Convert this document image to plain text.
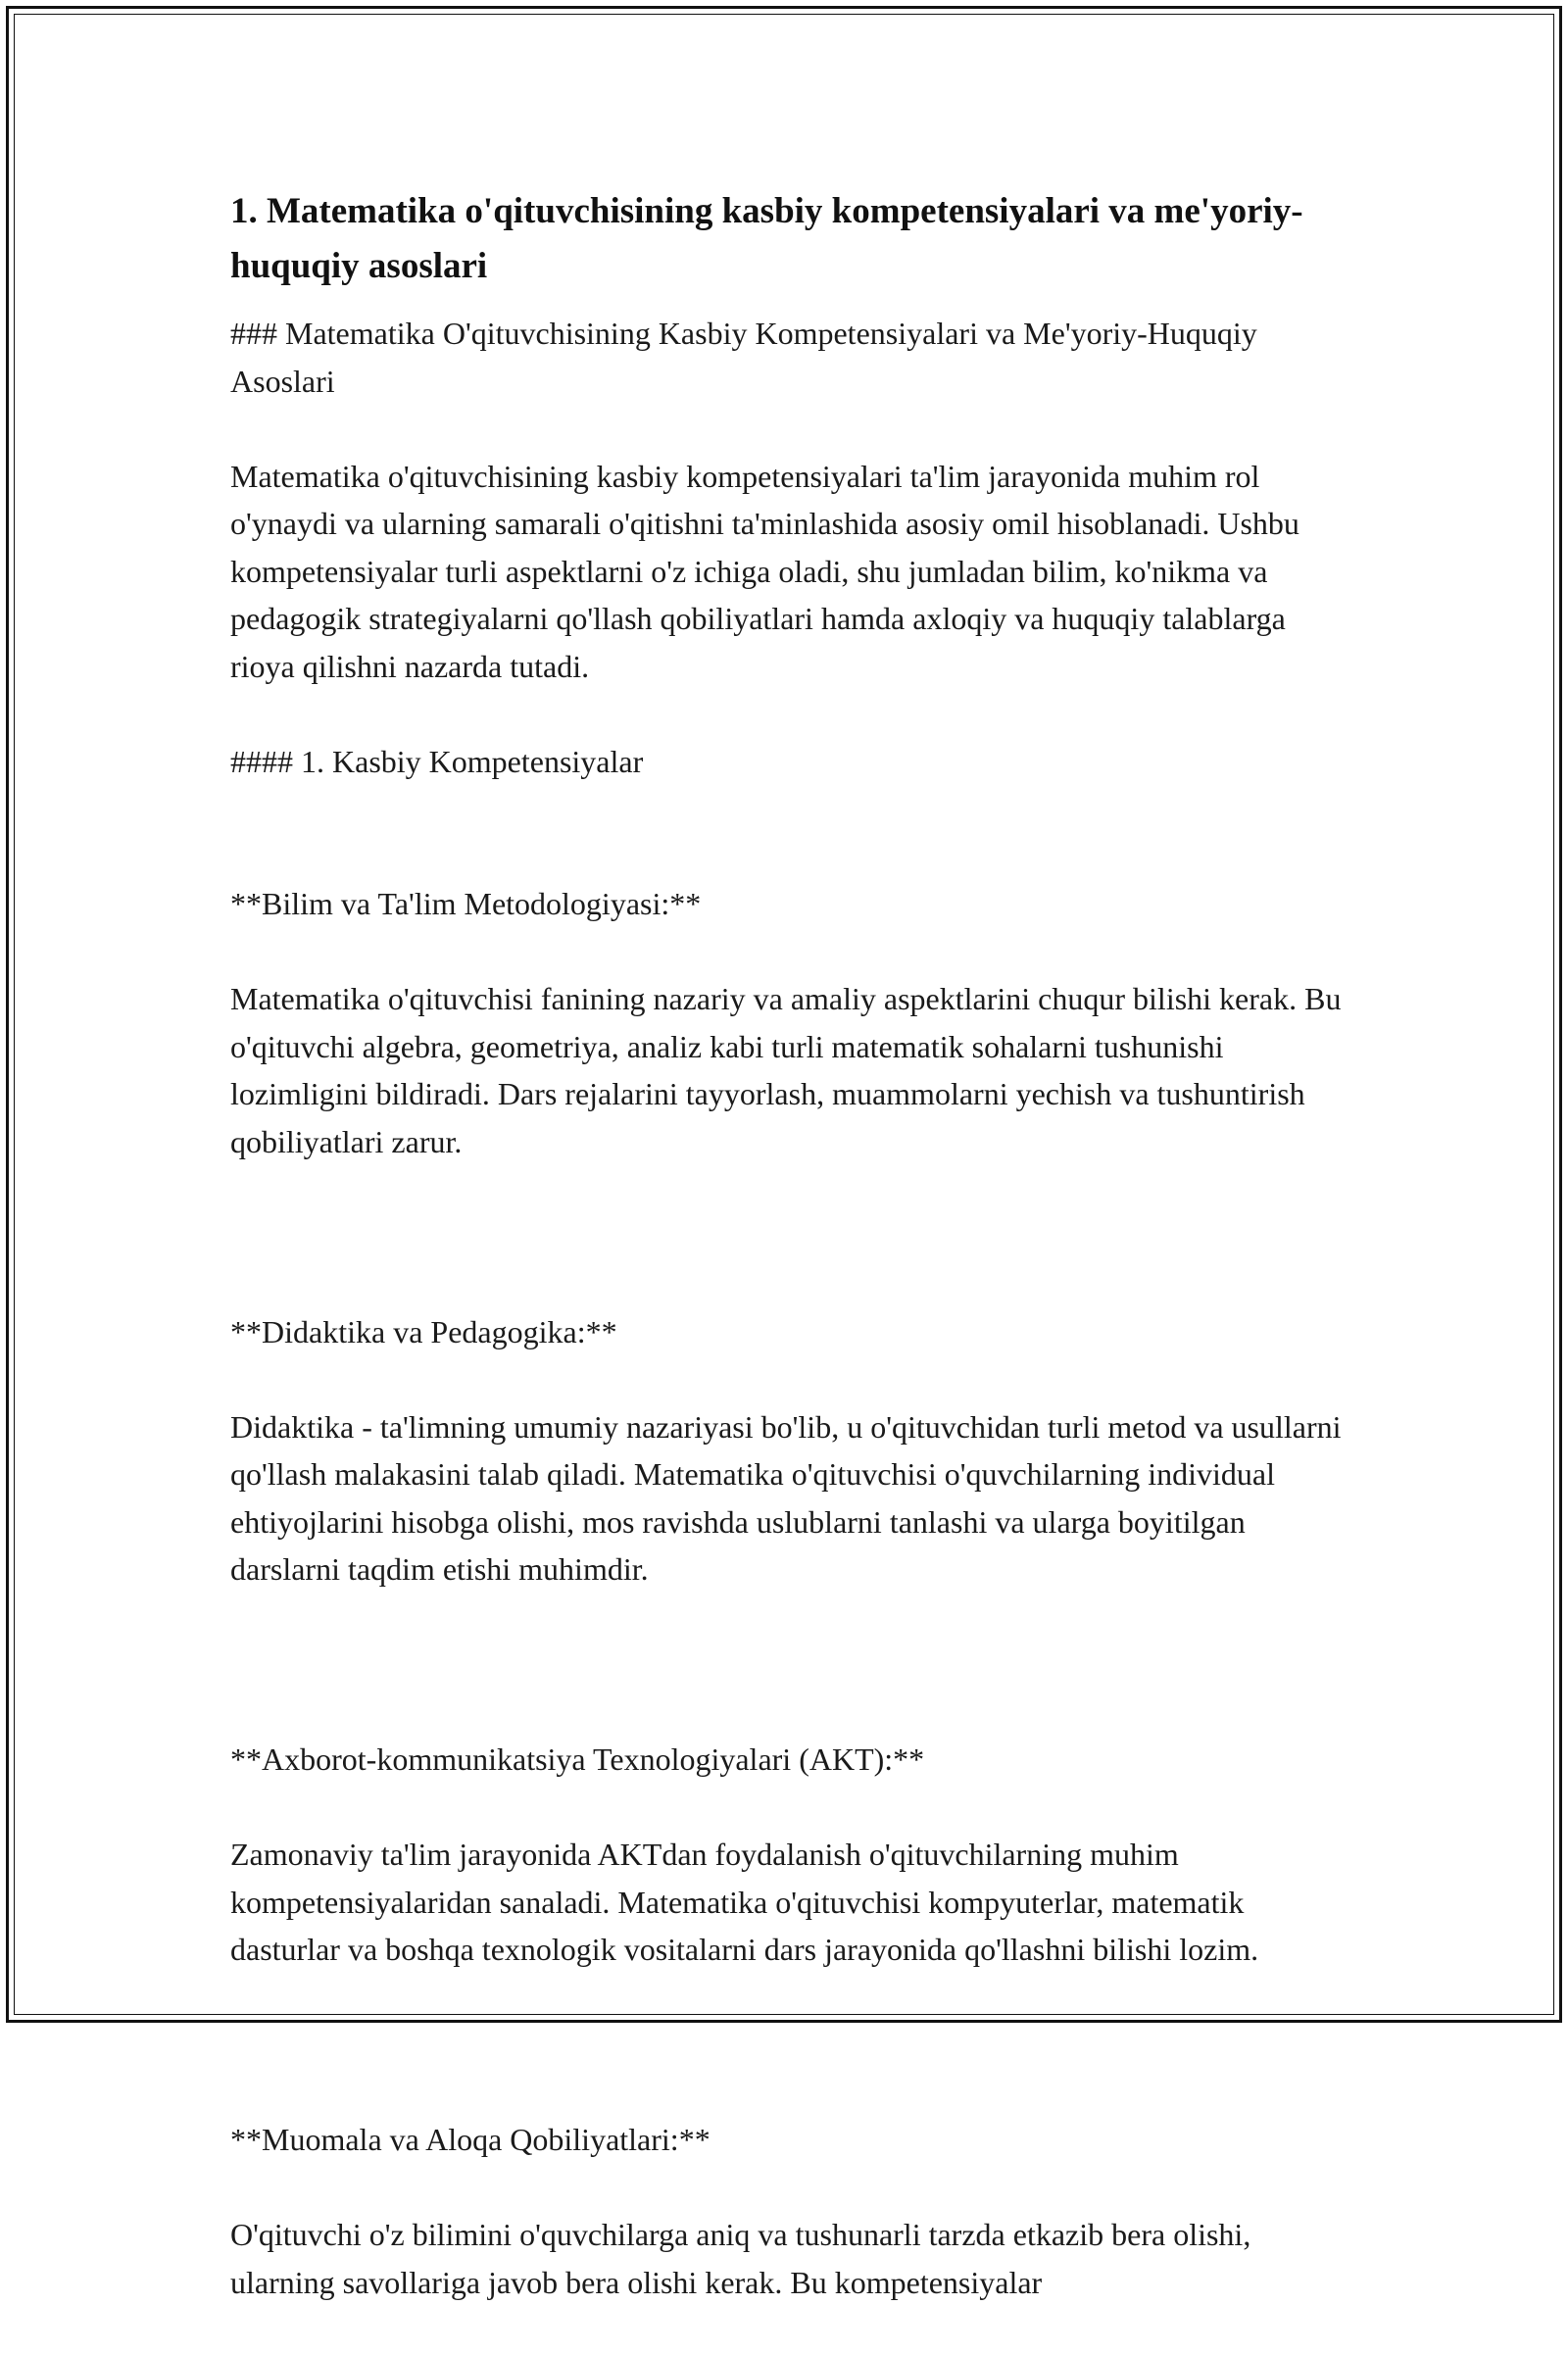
1. Matematika o'qituvchisining kasbiy kompetensiyalari va me'yoriy-huquqiy asoslari

### Matematika O'qituvchisining Kasbiy Kompetensiyalari va Me'yoriy-Huquqiy Asoslari

Matematika o'qituvchisining kasbiy kompetensiyalari ta'lim jarayonida muhim rol o'ynaydi va ularning samarali o'qitishni ta'minlashida asosiy omil hisoblanadi. Ushbu kompetensiyalar turli aspektlarni o'z ichiga oladi, shu jumladan bilim, ko'nikma va pedagogik strategiyalarni qo'llash qobiliyatlari hamda axloqiy va huquqiy talablarga rioya qilishni nazarda tutadi.

#### 1. Kasbiy Kompetensiyalar

**Bilim va Ta'lim Metodologiyasi:**

Matematika o'qituvchisi fanining nazariy va amaliy aspektlarini chuqur bilishi kerak. Bu o'qituvchi algebra, geometriya, analiz kabi turli matematik sohalarni tushunishi lozimligini bildiradi. Dars rejalarini tayyorlash, muammolarni yechish va tushuntirish qobiliyatlari zarur.

**Didaktika va Pedagogika:**

Didaktika - ta'limning umumiy nazariyasi bo'lib, u o'qituvchidan turli metod va usullarni qo'llash malakasini talab qiladi. Matematika o'qituvchisi o'quvchilarning individual ehtiyojlarini hisobga olishi, mos ravishda uslublarni tanlashi va ularga boyitilgan darslarni taqdim etishi muhimdir.

**Axborot-kommunikatsiya Texnologiyalari (AKT):**

Zamonaviy ta'lim jarayonida AKTdan foydalanish o'qituvchilarning muhim kompetensiyalaridan sanaladi. Matematika o'qituvchisi kompyuterlar, matematik dasturlar va boshqa texnologik vositalarni dars jarayonida qo'llashni bilishi lozim.

**Muomala va Aloqa Qobiliyatlari:**

O'qituvchi o'z bilimini o'quvchilarga aniq va tushunarli tarzda etkazib bera olishi, ularning savollariga javob bera olishi kerak. Bu kompetensiyalar
